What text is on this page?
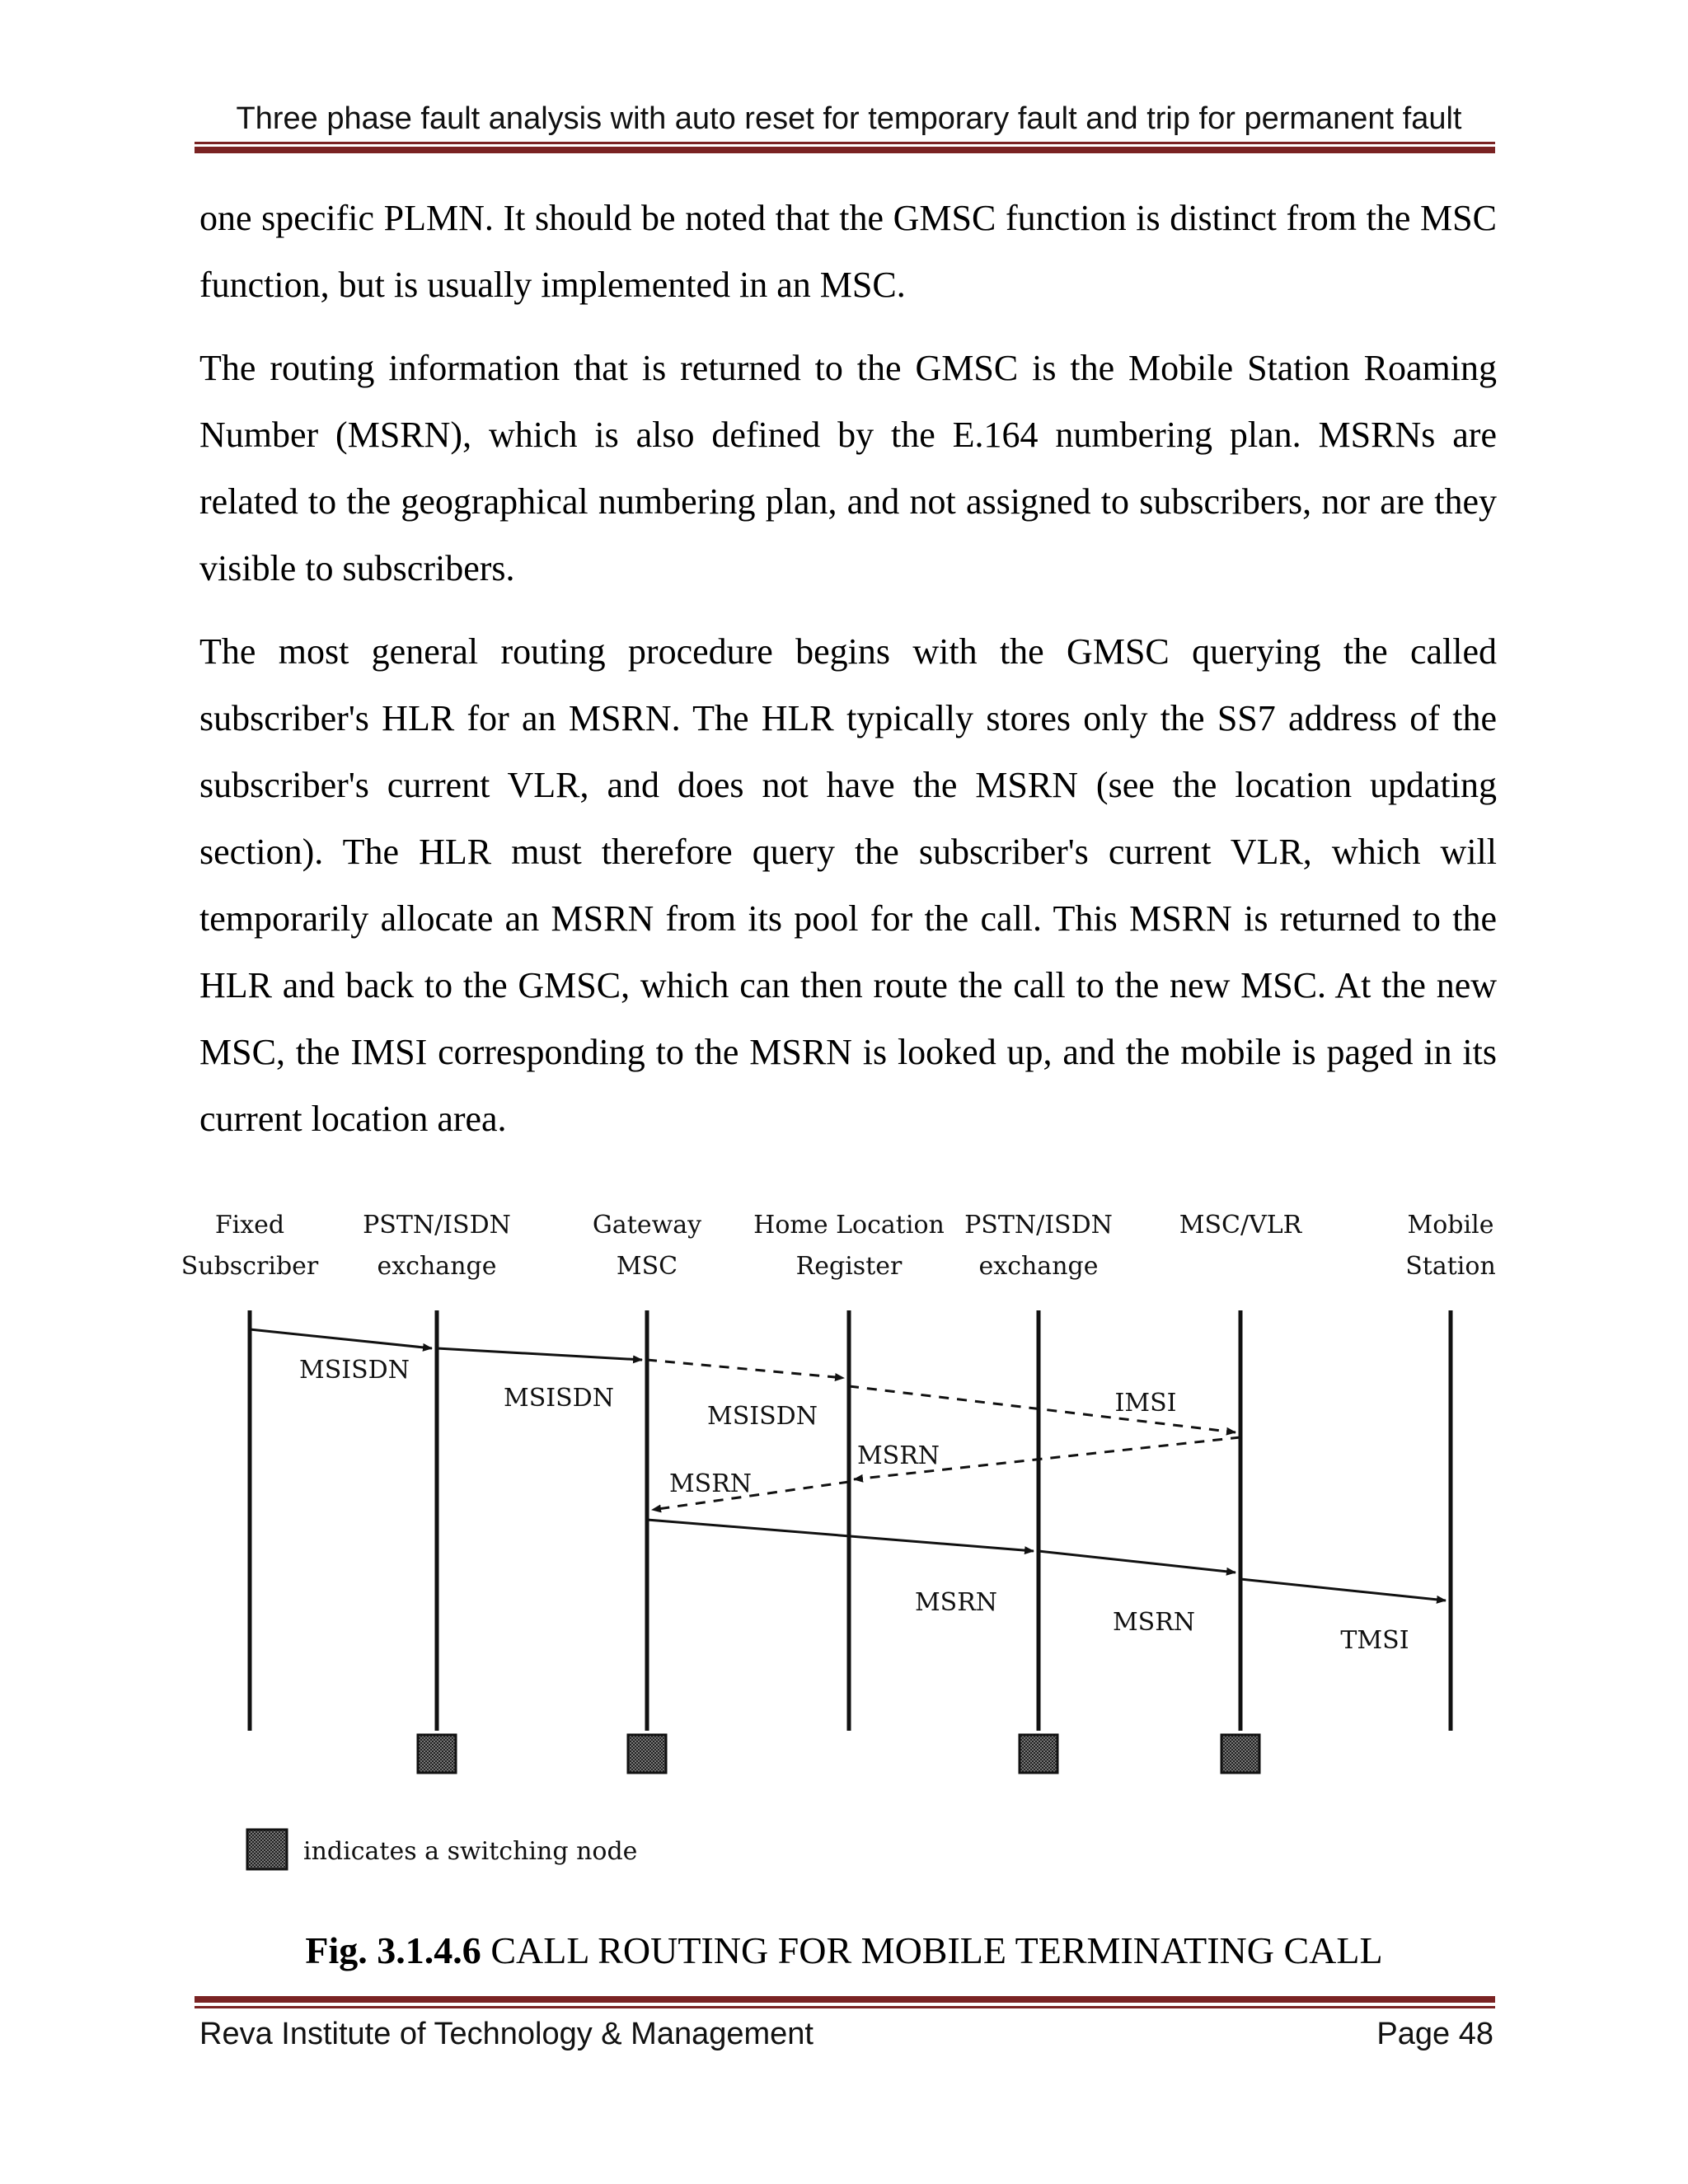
Three phase fault analysis with auto reset for temporary fault and trip for permanent fault

one specific PLMN. It should be noted that the GMSC function is distinct from the MSC function, but is usually implemented in an MSC.

The routing information that is returned to the GMSC is the Mobile Station Roaming Number (MSRN), which is also defined by the E.164 numbering plan. MSRNs are related to the geographical numbering plan, and not assigned to subscribers, nor are they visible to subscribers.

The most general routing procedure begins with the GMSC querying the called subscriber's HLR for an MSRN. The HLR typically stores only the SS7 address of the subscriber's current VLR, and does not have the MSRN (see the location updating section). The HLR must therefore query the subscriber's current VLR, which will temporarily allocate an MSRN from its pool for the call. This MSRN is returned to the HLR and back to the GMSC, which can then route the call to the new MSC. At the new MSC, the IMSI corresponding to the MSRN is looked up, and the mobile is paged in its current location area.

Fixed
Subscriber
PSTN/ISDN
exchange
Gateway
MSC
Home Location
Register
PSTN/ISDN
exchange
MSC/VLR	Mobile
Station
MSISDN
MSISDN
MSISDN	IMSI
MSRN
MSRN
MSRN
MSRN
TMSI
indicates a switching node
Fig. 3.1.4.6 CALL ROUTING FOR MOBILE TERMINATING CALL
Reva Institute of Technology & Management	Page 48
